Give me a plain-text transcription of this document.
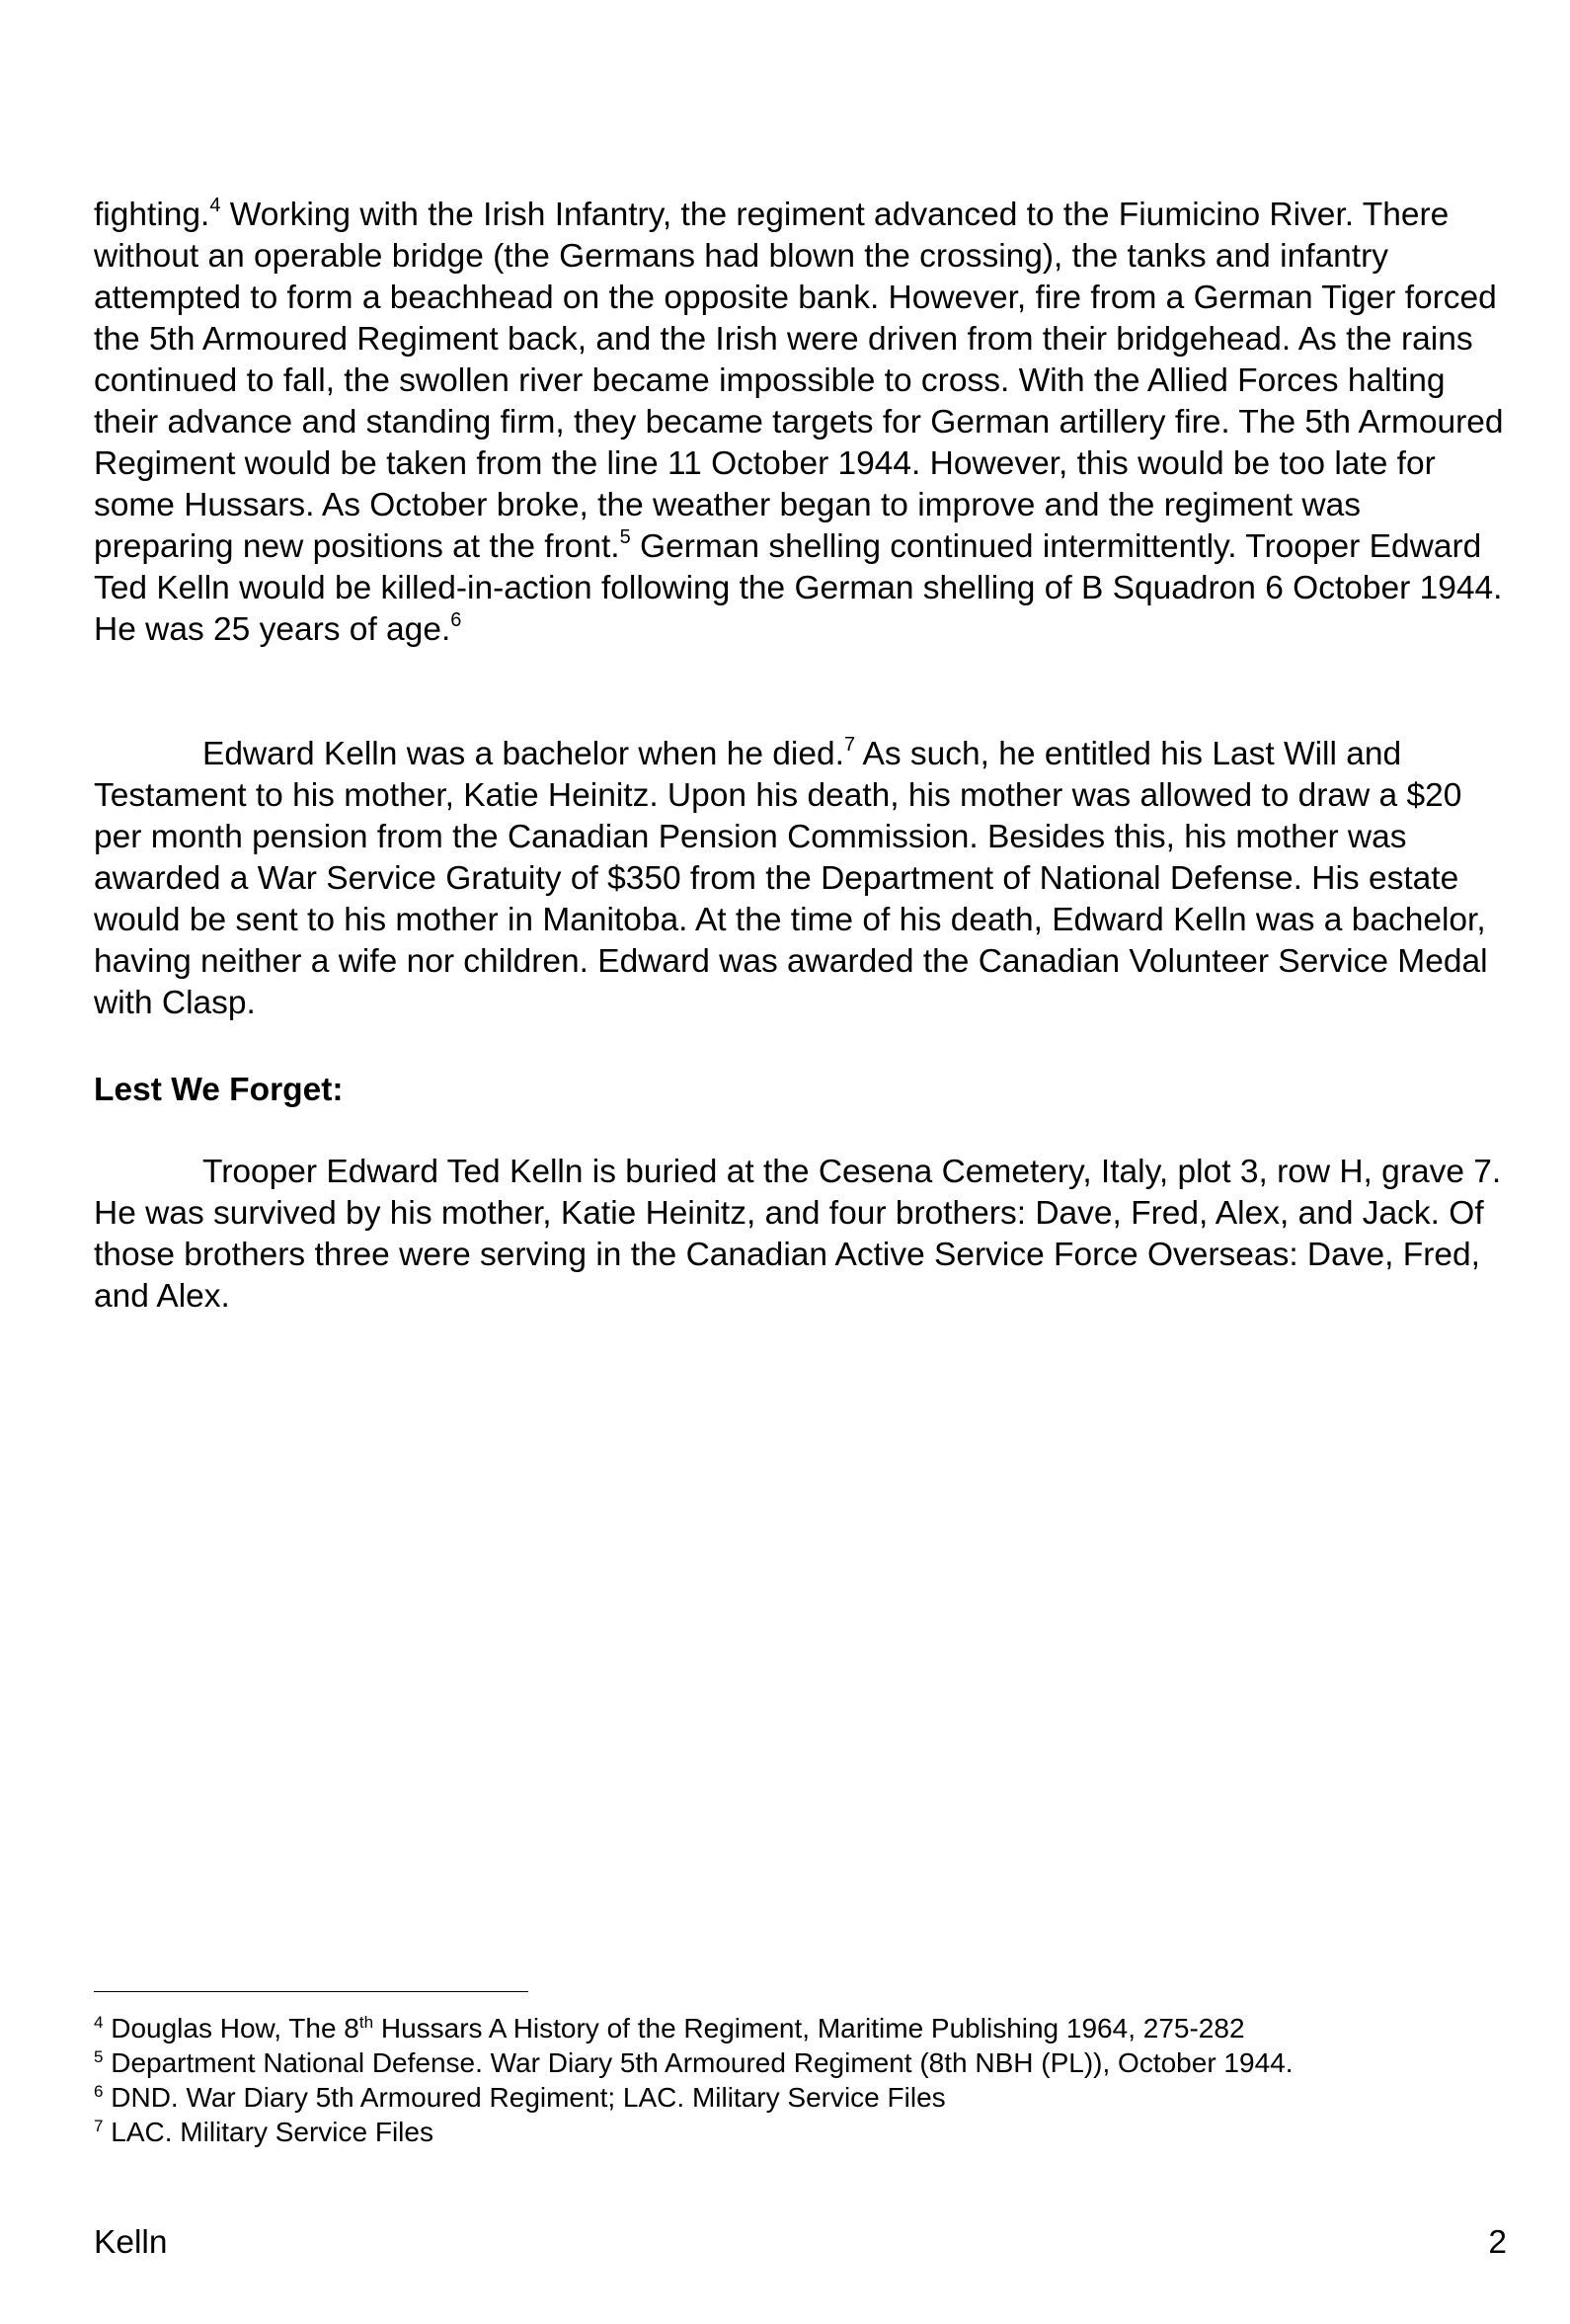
fighting.$^4$ Working with the Irish Infantry, the regiment advanced to the Fiumicino River. There without an operable bridge (the Germans had blown the crossing), the tanks and infantry attempted to form a beachhead on the opposite bank. However, fire from a German Tiger forced the 5th Armoured Regiment back, and the Irish were driven from their bridgehead. As the rains continued to fall, the swollen river became impossible to cross. With the Allied Forces halting their advance and standing firm, they became targets for German artillery fire. The 5th Armoured Regiment would be taken from the line 11 October 1944. However, this would be too late for some Hussars. As October broke, the weather began to improve and the regiment was preparing new positions at the front.$^5$ German shelling continued intermittently. Trooper Edward Ted Kelln would be killed-in-action following the German shelling of B Squadron 6 October 1944. He was 25 years of age.$^6$

Edward Kelln was a bachelor when he died.$^7$ As such, he entitled his Last Will and Testament to his mother, Katie Heinitz. Upon his death, his mother was allowed to draw a $20 per month pension from the Canadian Pension Commission. Besides this, his mother was awarded a War Service Gratuity of $350 from the Department of National Defense. His estate would be sent to his mother in Manitoba. At the time of his death, Edward Kelln was a bachelor, having neither a wife nor children. Edward was awarded the Canadian Volunteer Service Medal with Clasp.

Lest We Forget:

Trooper Edward Ted Kelln is buried at the Cesena Cemetery, Italy, plot 3, row H, grave 7. He was survived by his mother, Katie Heinitz, and four brothers: Dave, Fred, Alex, and Jack. Of those brothers three were serving in the Canadian Active Service Force Overseas: Dave, Fred, and Alex.

$^4$ Douglas How, The 8th Hussars A History of the Regiment, Maritime Publishing 1964, 275-282

$^5$ Department National Defense. War Diary 5th Armoured Regiment (8th NBH (PL)), October 1944.

$^6$ DND. War Diary 5th Armoured Regiment; LAC. Military Service Files

$^7$ LAC. Military Service Files

Kelln	2
